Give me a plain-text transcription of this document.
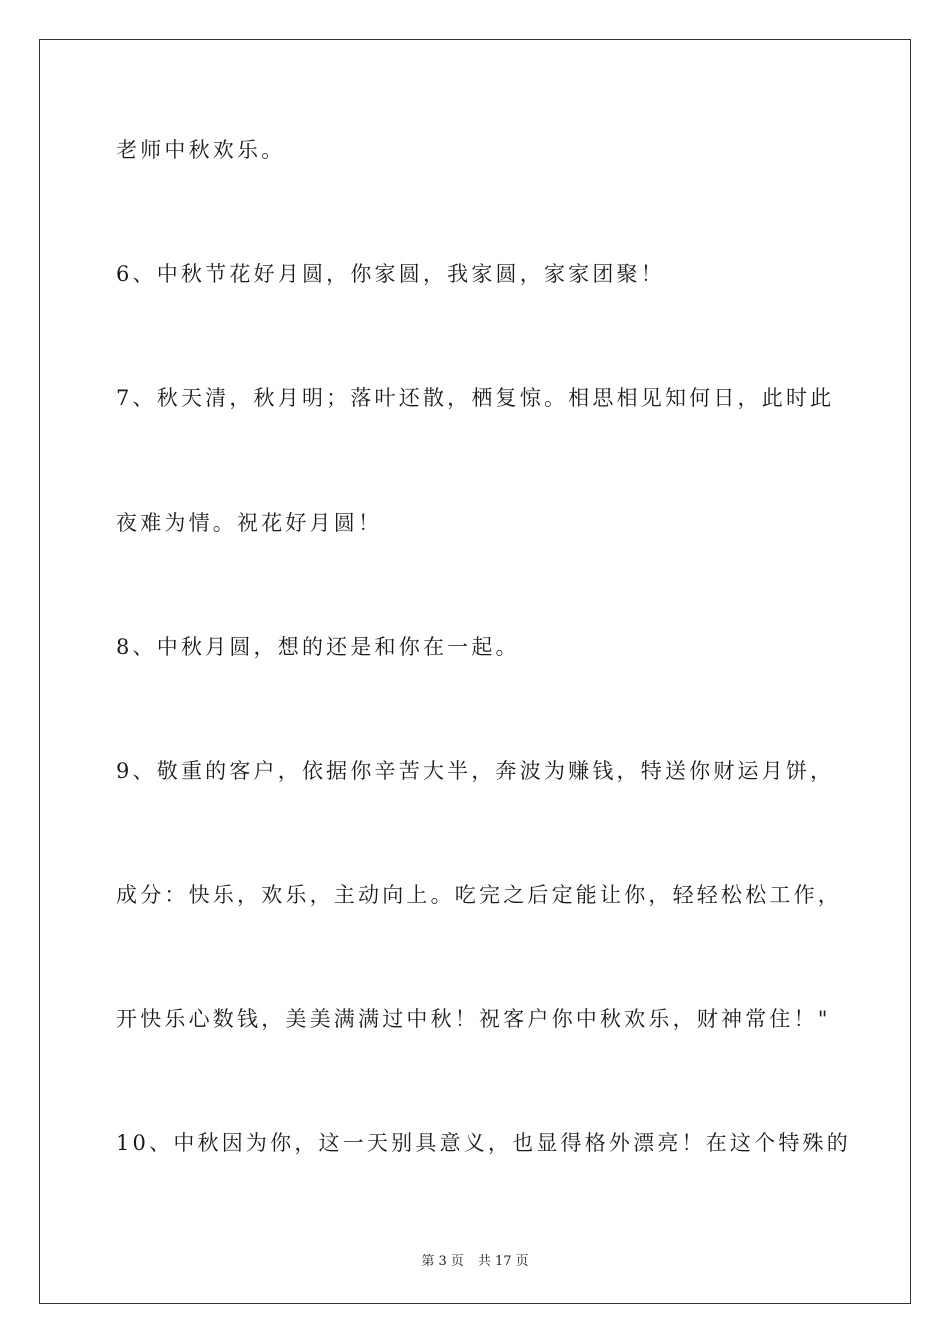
老师中秋欢乐。
6、中秋节花好月圆，你家圆，我家圆，家家团聚！
7、秋天清，秋月明；落叶还散，栖复惊。相思相见知何日，此时此
夜难为情。祝花好月圆！
8、中秋月圆，想的还是和你在一起。
9、敬重的客户，依据你辛苦大半，奔波为赚钱，特送你财运月饼，
成分：快乐，欢乐，主动向上。吃完之后定能让你，轻轻松松工作，
开快乐心数钱，美美满满过中秋！祝客户你中秋欢乐，财神常住！"
10、中秋因为你，这一天别具意义，也显得格外漂亮！在这个特殊的
第 3 页 共 17 页
